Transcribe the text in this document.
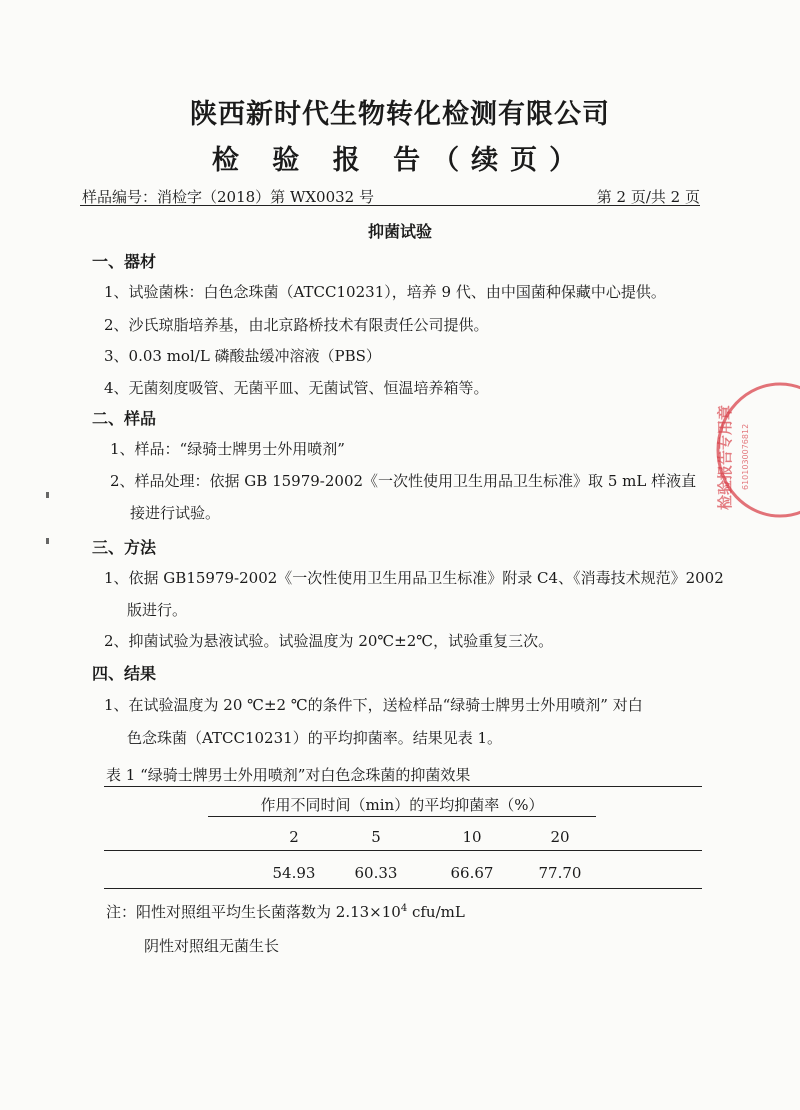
陕西新时代生物转化检测有限公司
检 验 报 告（续页）
样品编号：消检字（2018）第 WX0032 号	第 2 页/共 2 页
抑菌试验
一、器材
1、试验菌株：白色念珠菌（ATCC10231），培养 9 代、由中国菌种保藏中心提供。
2、沙氏琼脂培养基，由北京路桥技术有限责任公司提供。
3、0.03 mol/L 磷酸盐缓冲溶液（PBS）
4、无菌刻度吸管、无菌平皿、无菌试管、恒温培养箱等。
二、样品
1、样品：“绿骑士牌男士外用喷剂”
2、样品处理：依据 GB 15979-2002《一次性使用卫生用品卫生标准》取 5 mL 样液直
接进行试验。
三、方法
1、依据 GB15979-2002《一次性使用卫生用品卫生标准》附录 C4、《消毒技术规范》2002
版进行。
2、抑菌试验为悬液试验。试验温度为 20℃±2℃，试验重复三次。
四、结果
1、在试验温度为 20 ℃±2 ℃的条件下，送检样品“绿骑士牌男士外用喷剂” 对白
色念珠菌（ATCC10231）的平均抑菌率。结果见表 1。
表 1 “绿骑士牌男士外用喷剂”对白色念珠菌的抑菌效果
作用不同时间（min）的平均抑菌率（%）
2	5	10	20
54.93	60.33	66.67	77.70
注：阳性对照组平均生长菌落数为 $2.13\times 10^4$ cfu/mL
阴性对照组无菌生长
检验报告专用章 6101030076812
